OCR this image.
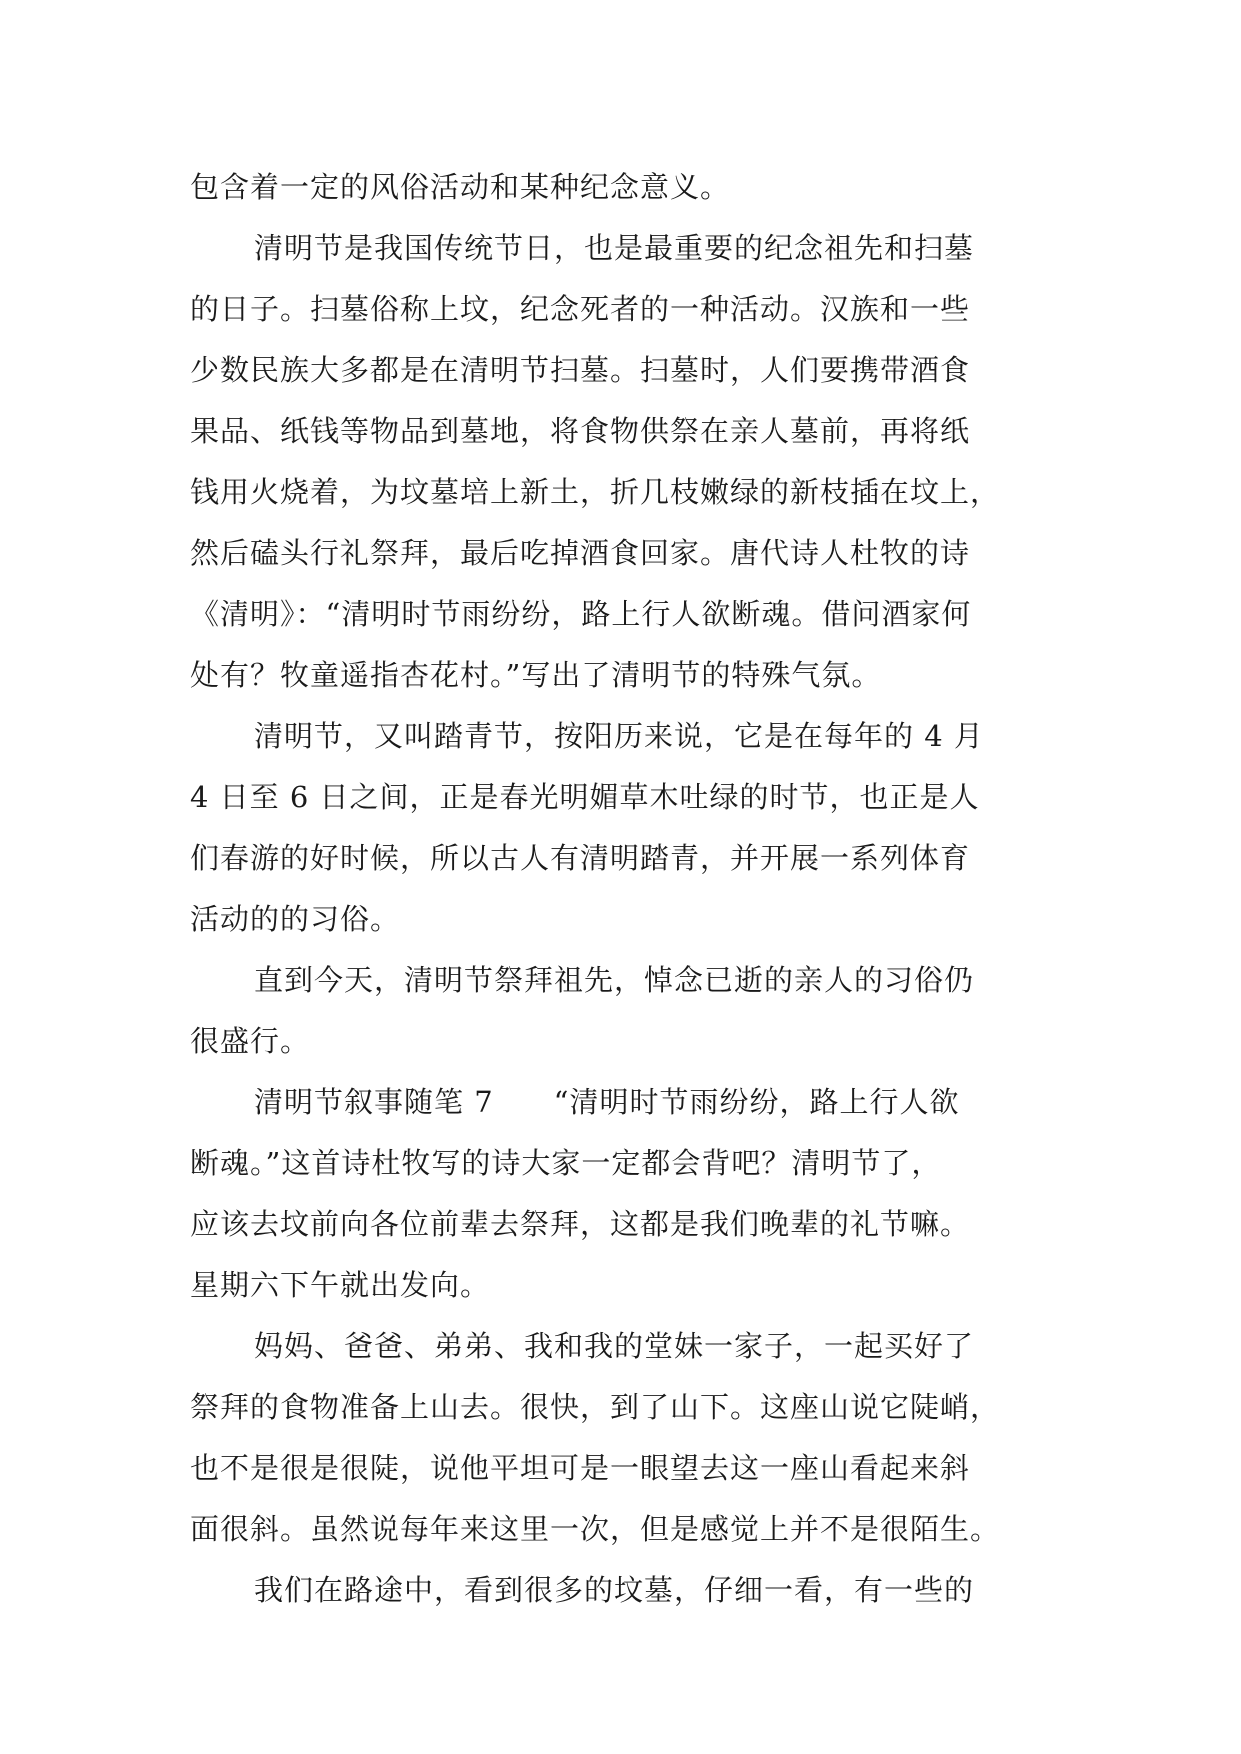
包含着一定的风俗活动和某种纪念意义。
清明节是我国传统节日，也是最重要的纪念祖先和扫墓
的日子。扫墓俗称上坟，纪念死者的一种活动。汉族和一些
少数民族大多都是在清明节扫墓。扫墓时，人们要携带酒食
果品、纸钱等物品到墓地，将食物供祭在亲人墓前，再将纸
钱用火烧着，为坟墓培上新土，折几枝嫩绿的新枝插在坟上，
然后磕头行礼祭拜，最后吃掉酒食回家。唐代诗人杜牧的诗
《清明》：“清明时节雨纷纷，路上行人欲断魂。借问酒家何
处有？牧童遥指杏花村。”写出了清明节的特殊气氛。
清明节，又叫踏青节，按阳历来说，它是在每年的 4 月
4 日至 6 日之间，正是春光明媚草木吐绿的时节，也正是人
们春游的好时候，所以古人有清明踏青，并开展一系列体育
活动的的习俗。
直到今天，清明节祭拜祖先，悼念已逝的亲人的习俗仍
很盛行。
清明节叙事随笔 7　　“清明时节雨纷纷，路上行人欲
断魂。”这首诗杜牧写的诗大家一定都会背吧？清明节了，
应该去坟前向各位前辈去祭拜，这都是我们晚辈的礼节嘛。
星期六下午就出发向。
妈妈、爸爸、弟弟、我和我的堂妹一家子，一起买好了
祭拜的食物准备上山去。很快，到了山下。这座山说它陡峭，
也不是很是很陡，说他平坦可是一眼望去这一座山看起来斜
面很斜。虽然说每年来这里一次，但是感觉上并不是很陌生。
我们在路途中，看到很多的坟墓，仔细一看，有一些的
